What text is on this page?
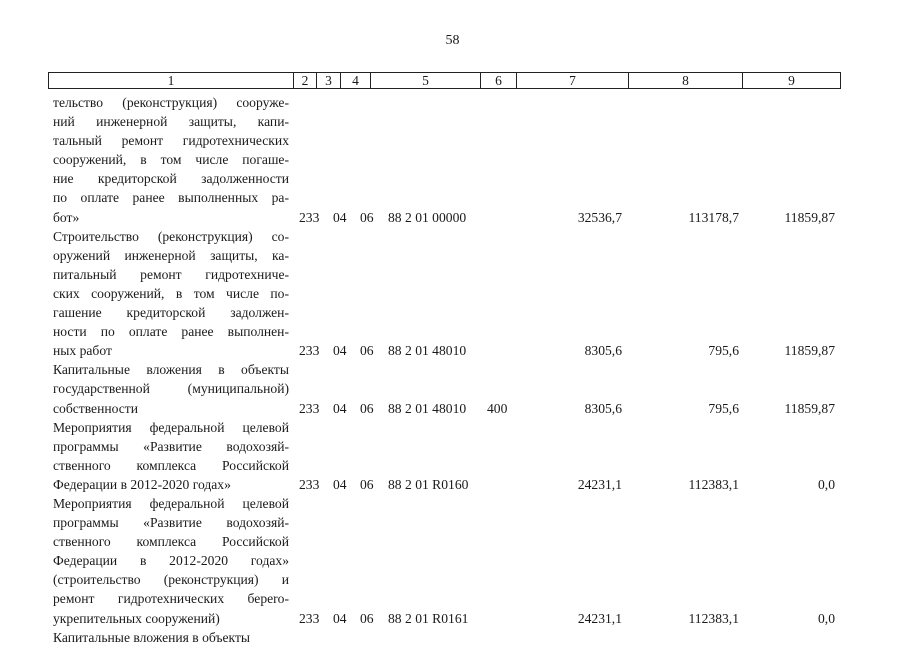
58
1	2	3	4	5	6	7	8	9
тельство (реконструкция) сооруже-
ний инженерной защиты, капи-
тальный ремонт гидротехнических
сооружений, в том числе погаше-
ние кредиторской задолженности
по оплате ранее выполненных ра-
бот»	233 04 06 88 2 01 00000	32536,7	113178,7	11859,87
Строительство (реконструкция) со-
оружений инженерной защиты, ка-
питальный ремонт гидротехниче-
ских сооружений, в том числе по-
гашение кредиторской задолжен-
ности по оплате ранее выполнен-
ных работ	233 04 06 88 2 01 48010	8305,6	795,6	11859,87
Капитальные вложения в объекты
государственной (муниципальной)
собственности	233 04 06 88 2 01 48010 400	8305,6	795,6	11859,87
Мероприятия федеральной целевой
программы «Развитие водохозяй-
ственного комплекса Российской
Федерации в 2012-2020 годах»	233 04 06 88 2 01 R0160	24231,1	112383,1	0,0
Мероприятия федеральной целевой
программы «Развитие водохозяй-
ственного комплекса Российской
Федерации в 2012-2020 годах»
(строительство (реконструкция) и
ремонт гидротехнических береrо-
укрепительных сооружений)	233 04 06 88 2 01 R0161	24231,1	112383,1	0,0
Капитальные вложения в объекты
